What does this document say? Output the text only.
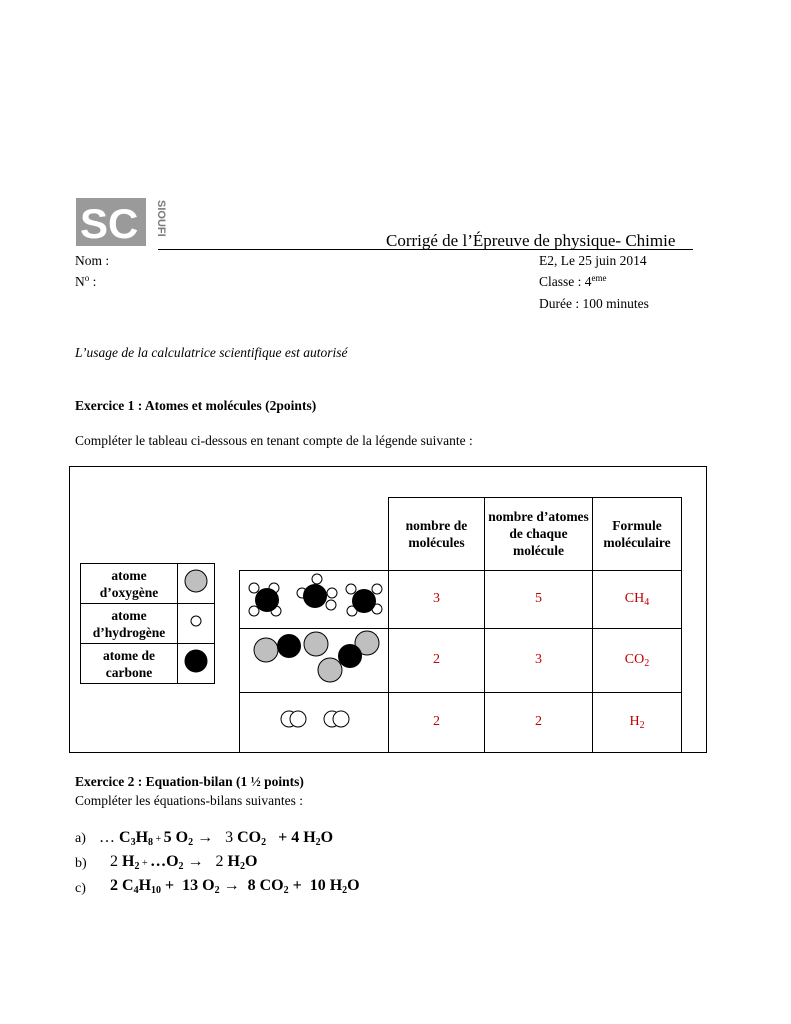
SC SIOUFI
Corrigé de l’Épreuve de physique- Chimie
Nom :
$N^o$ :
E2, Le 25 juin 2014
Classe : 4eme
Durée : 100 minutes
L’usage de la calculatrice scientifique est autorisé
Exercice 1 : Atomes et molécules (2points)
Compléter le tableau ci-dessous en tenant compte de la légende suivante :
atome d’oxygène	
atome d’hydrogène	
atome de carbone	
	nombre de molécules	nombre d’atomes de chaque molécule	Formule moléculaire
	3	5	$CH_4$
	2	3	$CO_2$
	2	2	$H_2$
Exercice 2 : Equation-bilan (1 ½ points)
Compléter les équations-bilans suivantes :
a) … $C_3H_8 + 5$ $O_2 \to 3$ $CO_2 + 4$ $H_2O$
b) 2 $H_2$ + $\dots O_2 \to 2$ $H_2O$
c) 2 $C_4H_{10} + 13$ $O_2 \to 8$ $CO_2 + 10$ $H_2O$
